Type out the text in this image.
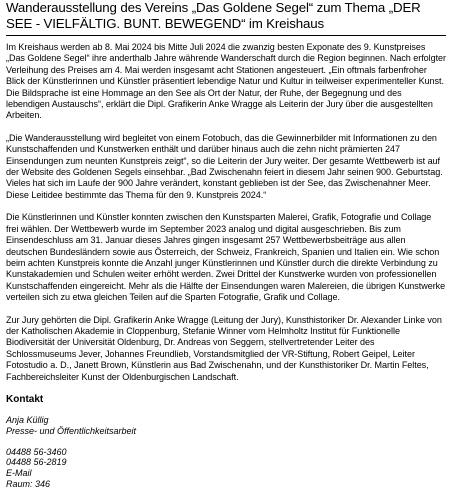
Wanderausstellung des Vereins „Das Goldene Segel“ zum Thema „DER SEE - VIELFÄLTIG. BUNT. BEWEGEND“ im Kreishaus

Im Kreishaus werden ab 8. Mai 2024 bis Mitte Juli 2024 die zwanzig besten Exponate des 9. Kunstpreises „Das Goldene Segel“ ihre anderthalb Jahre währende Wanderschaft durch die Region beginnen. Nach erfolgter Verleihung des Preises am 4. Mai werden insgesamt acht Stationen angesteuert. „Ein oftmals farbenfroher Blick der Künstlerinnen und Künstler präsentiert lebendige Natur und Kultur in teilweiser experimenteller Kunst. Die Bildsprache ist eine Hommage an den See als Ort der Natur, der Ruhe, der Begegnung und des lebendigen Austauschs“, erklärt die Dipl. Grafikerin Anke Wragge als Leiterin der Jury über die ausgestellten Arbeiten.

„Die Wanderausstellung wird begleitet von einem Fotobuch, das die Gewinnerbilder mit Informationen zu den Kunstschaffenden und Kunstwerken enthält und darüber hinaus auch die zehn nicht prämierten 247 Einsendungen zum neunten Kunstpreis zeigt“, so die Leiterin der Jury weiter. Der gesamte Wettbewerb ist auf der Website des Goldenen Segels einsehbar. „Bad Zwischenahn feiert in diesem Jahr seinen 900. Geburtstag. Vieles hat sich im Laufe der 900 Jahre verändert, konstant geblieben ist der See, das Zwischenahner Meer. Diese Leitidee bestimmte das Thema für den 9. Kunstpreis 2024.“

Die Künstlerinnen und Künstler konnten zwischen den Kunstsparten Malerei, Grafik, Fotografie und Collage frei wählen. Der Wettbewerb wurde im September 2023 analog und digital ausgeschrieben. Bis zum Einsendeschluss am 31. Januar dieses Jahres gingen insgesamt 257 Wettbewerbsbeiträge aus allen deutschen Bundesländern sowie aus Österreich, der Schweiz, Frankreich, Spanien und Italien ein. Wie schon beim achten Kunstpreis konnte die Anzahl junger Künstlerinnen und Künstler durch die direkte Verbindung zu Kunstakademien und Schulen weiter erhöht werden. Zwei Drittel der Kunstwerke wurden von professionellen Kunstschaffenden eingereicht. Mehr als die Hälfte der Einsendungen waren Malereien, die übrigen Kunstwerke verteilen sich zu etwa gleichen Teilen auf die Sparten Fotografie, Grafik und Collage.

Zur Jury gehörten die Dipl. Grafikerin Anke Wragge (Leitung der Jury), Kunsthistoriker Dr. Alexander Linke von der Katholischen Akademie in Cloppenburg, Stefanie Winner vom Helmholtz Institut für Funktionelle Biodiversität der Universität Oldenburg, Dr. Andreas von Seggern, stellvertretender Leiter des Schlossmuseums Jever, Johannes Freundlieb, Vorstandsmitglied der VR-Stiftung, Robert Geipel, Leiter Fotostudio a. D., Janett Brown, Künstlerin aus Bad Zwischenahn, und der Kunsthistoriker Dr. Martin Feltes, Fachbereichsleiter Kunst der Oldenburgischen Landschaft.

Kontakt

Anja Küllig

Presse- und Öffentlichkeitsarbeit

04488 56-3460

04488 56-2819

E-Mail

Raum: 346
